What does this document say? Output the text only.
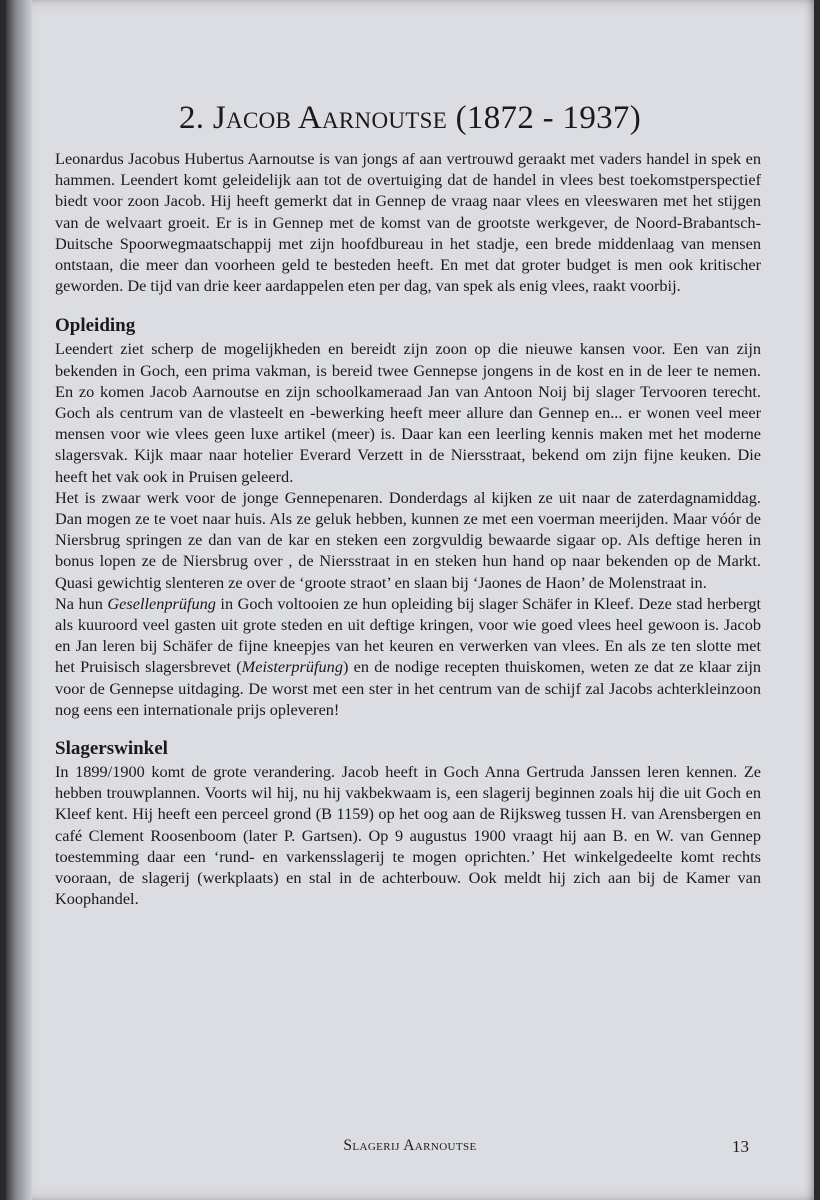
2. Jacob Aarnoutse (1872 - 1937)

Leonardus Jacobus Hubertus Aarnoutse is van jongs af aan vertrouwd geraakt met vaders handel in spek en hammen. Leendert komt geleidelijk aan tot de overtuiging dat de handel in vlees best toekomstperspectief biedt voor zoon Jacob. Hij heeft gemerkt dat in Gennep de vraag naar vlees en vleeswaren met het stijgen van de welvaart groeit. Er is in Gennep met de komst van de grootste werkgever, de Noord-Brabantsch-Duitsche Spoorwegmaatschappij met zijn hoofdbureau in het stadje, een brede middenlaag van mensen ontstaan, die meer dan voorheen geld te besteden heeft. En met dat groter budget is men ook kritischer geworden. De tijd van drie keer aardappelen eten per dag, van spek als enig vlees, raakt voorbij.

Opleiding

Leendert ziet scherp de mogelijkheden en bereidt zijn zoon op die nieuwe kansen voor. Een van zijn bekenden in Goch, een prima vakman, is bereid twee Gennepse jongens in de kost en in de leer te nemen. En zo komen Jacob Aarnoutse en zijn schoolkameraad Jan van Antoon Noij bij slager Tervooren terecht. Goch als centrum van de vlasteelt en -bewerking heeft meer allure dan Gennep en... er wonen veel meer mensen voor wie vlees geen luxe artikel (meer) is. Daar kan een leerling kennis maken met het moderne slagersvak. Kijk maar naar hotelier Everard Verzett in de Niersstraat, bekend om zijn fijne keuken. Die heeft het vak ook in Pruisen geleerd.

Het is zwaar werk voor de jonge Gennepenaren. Donderdags al kijken ze uit naar de zaterdagnamiddag. Dan mogen ze te voet naar huis. Als ze geluk hebben, kunnen ze met een voerman meerijden. Maar vóór de Niersbrug springen ze dan van de kar en steken een zorgvuldig bewaarde sigaar op. Als deftige heren in bonus lopen ze de Niersbrug over , de Niersstraat in en steken hun hand op naar bekenden op de Markt. Quasi gewichtig slenteren ze over de ‘groote straot’ en slaan bij ‘Jaones de Haon’ de Molenstraat in.

Na hun Gesellenprüfung in Goch voltooien ze hun opleiding bij slager Schäfer in Kleef. Deze stad herbergt als kuuroord veel gasten uit grote steden en uit deftige kringen, voor wie goed vlees heel gewoon is. Jacob en Jan leren bij Schäfer de fijne kneepjes van het keuren en verwerken van vlees. En als ze ten slotte met het Pruisisch slagersbrevet (Meisterprüfung) en de nodige recepten thuiskomen, weten ze dat ze klaar zijn voor de Gennepse uitdaging. De worst met een ster in het centrum van de schijf zal Jacobs achterkleinzoon nog eens een internationale prijs opleveren!

Slagerswinkel

In 1899/1900 komt de grote verandering. Jacob heeft in Goch Anna Gertruda Janssen leren kennen. Ze hebben trouwplannen. Voorts wil hij, nu hij vakbekwaam is, een slagerij beginnen zoals hij die uit Goch en Kleef kent. Hij heeft een perceel grond (B 1159) op het oog aan de Rijksweg tussen H. van Arensbergen en café Clement Roosenboom (later P. Gartsen). Op 9 augustus 1900 vraagt hij aan B. en W. van Gennep toestemming daar een ‘rund- en varkensslagerij te mogen oprichten.’ Het winkelgedeelte komt rechts vooraan, de slagerij (werkplaats) en stal in de achterbouw. Ook meldt hij zich aan bij de Kamer van Koophandel.

Slagerij Aarnoutse	13
